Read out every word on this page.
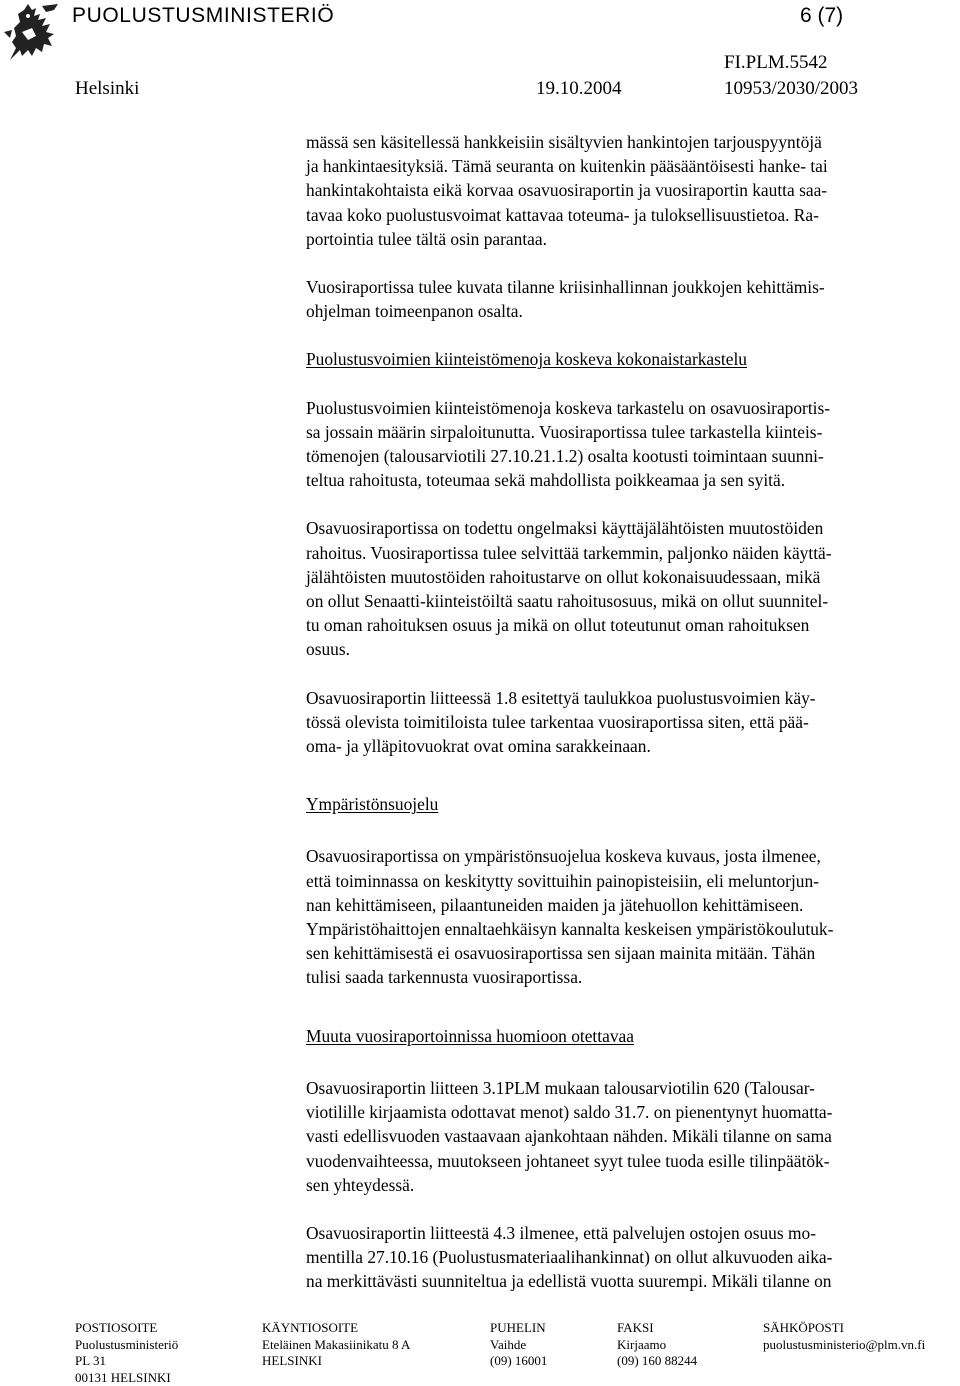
PUOLUSTUSMINISTERIÖ	6 (7)
FI.PLM.5542
Helsinki	19.10.2004	10953/2030/2003

mässä sen käsitellessä hankkeisiin sisältyvien hankintojen tarjouspyyntöjä
ja hankintaesityksiä. Tämä seuranta on kuitenkin pääsääntöisesti hanke- tai
hankintakohtaista eikä korvaa osavuosiraportin ja vuosiraportin kautta saa-
tavaa koko puolustusvoimat kattavaa toteuma- ja tuloksellisuustietoa. Ra-
portointia tulee tältä osin parantaa.

Vuosiraportissa tulee kuvata tilanne kriisinhallinnan joukkojen kehittämis-
ohjelman toimeenpanon osalta.

Puolustusvoimien kiinteistömenoja koskeva kokonaistarkastelu

Puolustusvoimien kiinteistömenoja koskeva tarkastelu on osavuosiraportis-
sa jossain määrin sirpaloitunutta. Vuosiraportissa tulee tarkastella kiinteis-
tömenojen (talousarviotili 27.10.21.1.2) osalta kootusti toimintaan suunni-
teltua rahoitusta, toteumaa sekä mahdollista poikkeamaa ja sen syitä.

Osavuosiraportissa on todettu ongelmaksi käyttäjälähtöisten muutostöiden
rahoitus. Vuosiraportissa tulee selvittää tarkemmin, paljonko näiden käyttä-
jälähtöisten muutostöiden rahoitustarve on ollut kokonaisuudessaan, mikä
on ollut Senaatti-kiinteistöiltä saatu rahoitusosuus, mikä on ollut suunnitel-
tu oman rahoituksen osuus ja mikä on ollut toteutunut oman rahoituksen
osuus.

Osavuosiraportin liitteessä 1.8 esitettyä taulukkoa puolustusvoimien käy-
tössä olevista toimitiloista tulee tarkentaa vuosiraportissa siten, että pää-
oma- ja ylläpitovuokrat ovat omina sarakkeinaan.

Ympäristönsuojelu

Osavuosiraportissa on ympäristönsuojelua koskeva kuvaus, josta ilmenee,
että toiminnassa on keskitytty sovittuihin painopisteisiin, eli meluntorjun-
nan kehittämiseen, pilaantuneiden maiden ja jätehuollon kehittämiseen.
Ympäristöhaittojen ennaltaehkäisyn kannalta keskeisen ympäristökoulutuk-
sen kehittämisestä ei osavuosiraportissa sen sijaan mainita mitään. Tähän
tulisi saada tarkennusta vuosiraportissa.

Muuta vuosiraportoinnissa huomioon otettavaa

Osavuosiraportin liitteen 3.1PLM mukaan talousarviotilin 620 (Talousar-
viotilille kirjaamista odottavat menot) saldo 31.7. on pienentynyt huomatta-
vasti edellisvuoden vastaavaan ajankohtaan nähden. Mikäli tilanne on sama
vuodenvaihteessa, muutokseen johtaneet syyt tulee tuoda esille tilinpäätök-
sen yhteydessä.

Osavuosiraportin liitteestä 4.3 ilmenee, että palvelujen ostojen osuus mo-
mentilla 27.10.16 (Puolustusmateriaalihankinnat) on ollut alkuvuoden aika-
na merkittävästi suunniteltua ja edellistä vuotta suurempi. Mikäli tilanne on

POSTIOSOITE
Puolustusministeriö
PL 31
00131 HELSINKI
KÄYNTIOSOITE
Eteläinen Makasiinikatu 8 A
HELSINKI
PUHELIN
Vaihde
(09) 16001
FAKSI
Kirjaamo
(09) 160 88244
SÄHKÖPOSTI
puolustusministerio@plm.vn.fi
